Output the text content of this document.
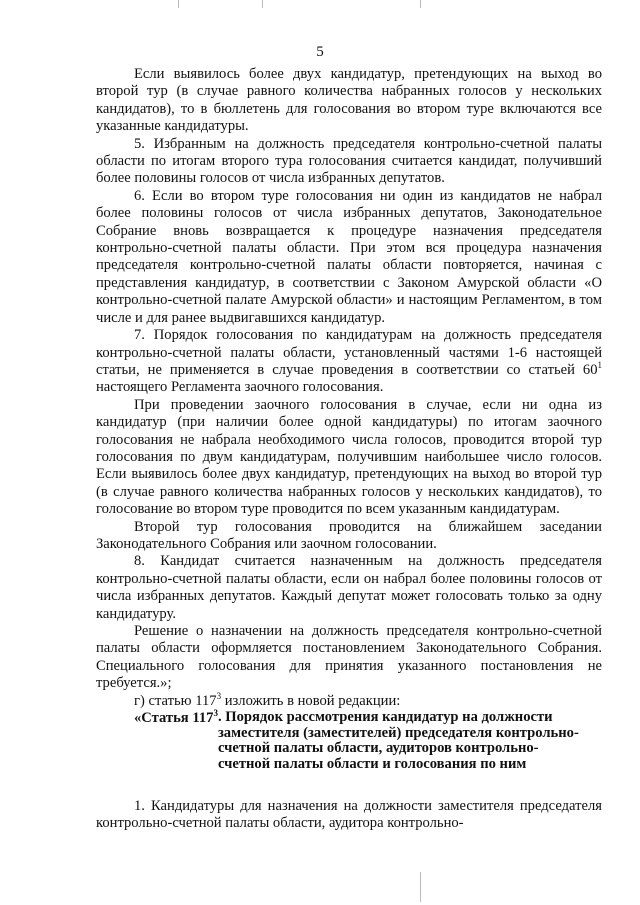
5

Если выявилось более двух кандидатур, претендующих на выход во второй тур (в случае равного количества набранных голосов у нескольких кандидатов), то в бюллетень для голосования во втором туре включаются все указанные кандидатуры.

5. Избранным на должность председателя контрольно-счетной палаты области по итогам второго тура голосования считается кандидат, получивший более половины голосов от числа избранных депутатов.

6. Если во втором туре голосования ни один из кандидатов не набрал более половины голосов от числа избранных депутатов, Законодательное Собрание вновь возвращается к процедуре назначения председателя контрольно-счетной палаты области. При этом вся процедура назначения председателя контрольно-счетной палаты области повторяется, начиная с представления кандидатур, в соответствии с Законом Амурской области «О контрольно-счетной палате Амурской области» и настоящим Регламентом, в том числе и для ранее выдвигавшихся кандидатур.

7. Порядок голосования по кандидатурам на должность председателя контрольно-счетной палаты области, установленный частями 1-6 настоящей статьи, не применяется в случае проведения в соответствии со статьей $60^1$ настоящего Регламента заочного голосования.

При проведении заочного голосования в случае, если ни одна из кандидатур (при наличии более одной кандидатуры) по итогам заочного голосования не набрала необходимого числа голосов, проводится второй тур голосования по двум кандидатурам, получившим наибольшее число голосов. Если выявилось более двух кандидатур, претендующих на выход во второй тур (в случае равного количества набранных голосов у нескольких кандидатов), то голосование во втором туре проводится по всем указанным кандидатурам.

Второй тур голосования проводится на ближайшем заседании Законодательного Собрания или заочном голосовании.

8. Кандидат считается назначенным на должность председателя контрольно-счетной палаты области, если он набрал более половины голосов от числа избранных депутатов. Каждый депутат может голосовать только за одну кандидатуру.

Решение о назначении на должность председателя контрольно-счетной палаты области оформляется постановлением Законодательного Собрания. Специального голосования для принятия указанного постановления не требуется.»;

г) статью $117^3$ изложить в новой редакции:

«Статья $117^3$ . Порядок рассмотрения кандидатур на должности заместителя (заместителей) председателя контрольно-счетной палаты области, аудиторов контрольно-счетной палаты области и голосования по ним

1. Кандидатуры для назначения на должности заместителя председателя контрольно-счетной палаты области, аудитора контрольно-
